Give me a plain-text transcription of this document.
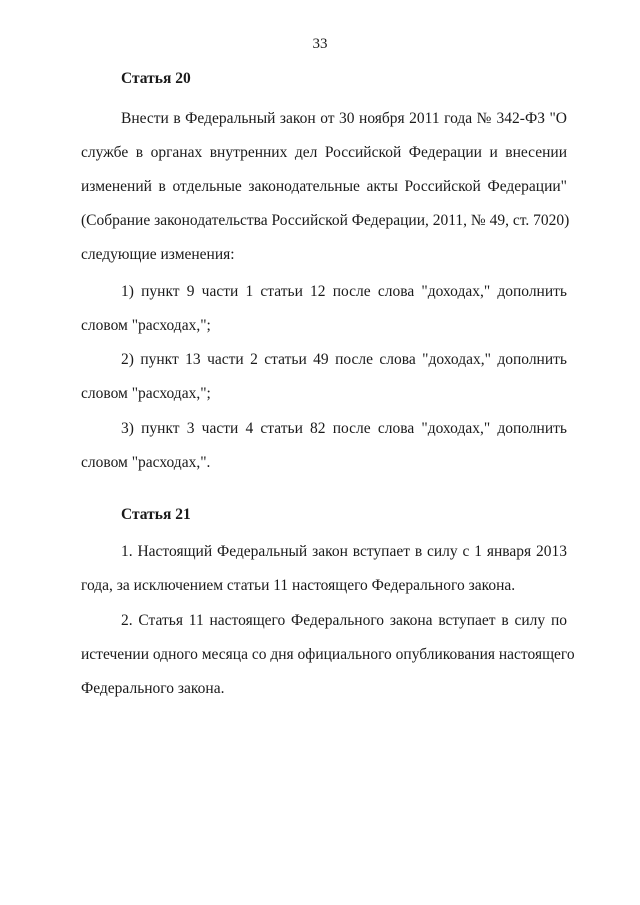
33
Статья 20
Внести в Федеральный закон от 30 ноября 2011 года № 342-ФЗ "О
службе в органах внутренних дел Российской Федерации и внесении
изменений в отдельные законодательные акты Российской Федерации"
(Собрание законодательства Российской Федерации, 2011, № 49, ст. 7020)
следующие изменения:
1) пункт 9 части 1 статьи 12 после слова "доходах," дополнить
словом "расходах,";
2) пункт 13 части 2 статьи 49 после слова "доходах," дополнить
словом "расходах,";
3) пункт 3 части 4 статьи 82 после слова "доходах," дополнить
словом "расходах,".
Статья 21
1. Настоящий Федеральный закон вступает в силу с 1 января 2013
года, за исключением статьи 11 настоящего Федерального закона.
2. Статья 11 настоящего Федерального закона вступает в силу по
истечении одного месяца со дня официального опубликования настоящего
Федерального закона.
